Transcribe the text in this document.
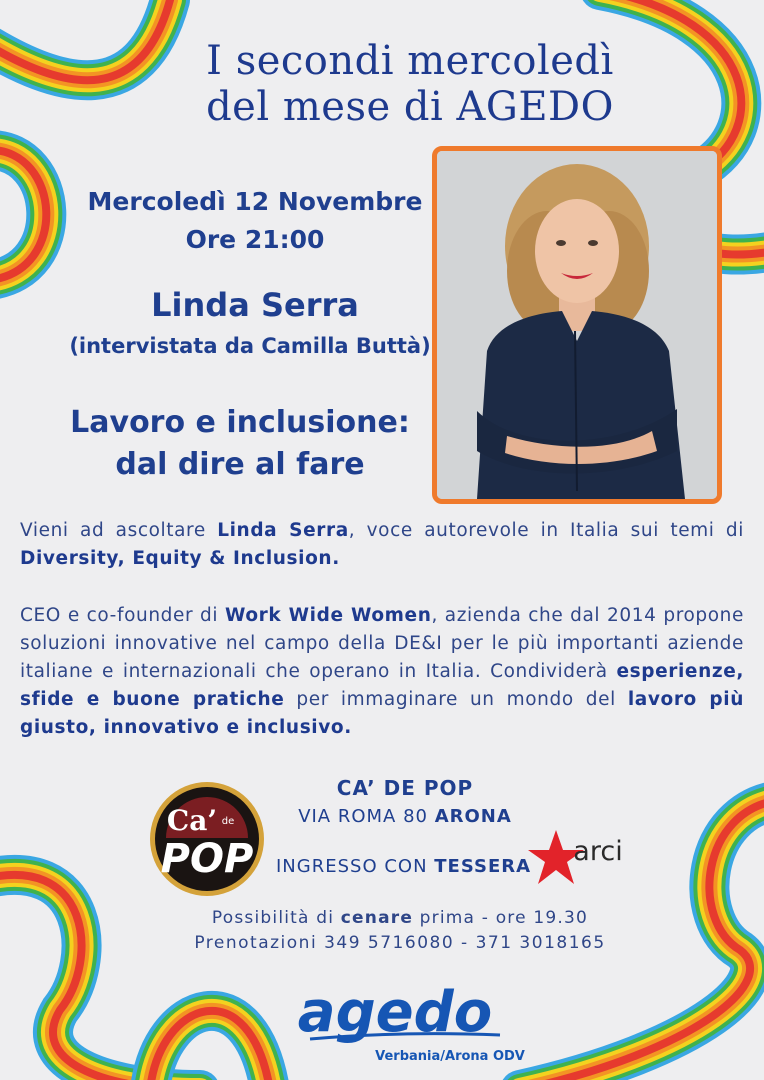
I secondi mercoledì
del mese di AGEDO
Mercoledì 12 Novembre
Ore 21:00
Linda Serra
(intervistata da Camilla Buttà)
Lavoro e inclusione:
dal dire al fare
Vieni ad ascoltare Linda Serra, voce autorevole in Italia sui temi di Diversity, Equity & Inclusion.
CEO e co-founder di Work Wide Women, azienda che dal 2014 propone soluzioni innovative nel campo della DE&I per le più importanti aziende italiane e internazionali che operano in Italia. Condividerà esperienze, sfide e buone pratiche per immaginare un mondo del lavoro più giusto, innovativo e inclusivo.
Ca’ de
POP
CA’ DE POP
VIA ROMA 80 ARONA
INGRESSO CON TESSERA arci
Possibilità di cenare prima - ore 19.30
Prenotazioni 349 5716080 - 371 3018165
agedo
Verbania/Arona ODV
